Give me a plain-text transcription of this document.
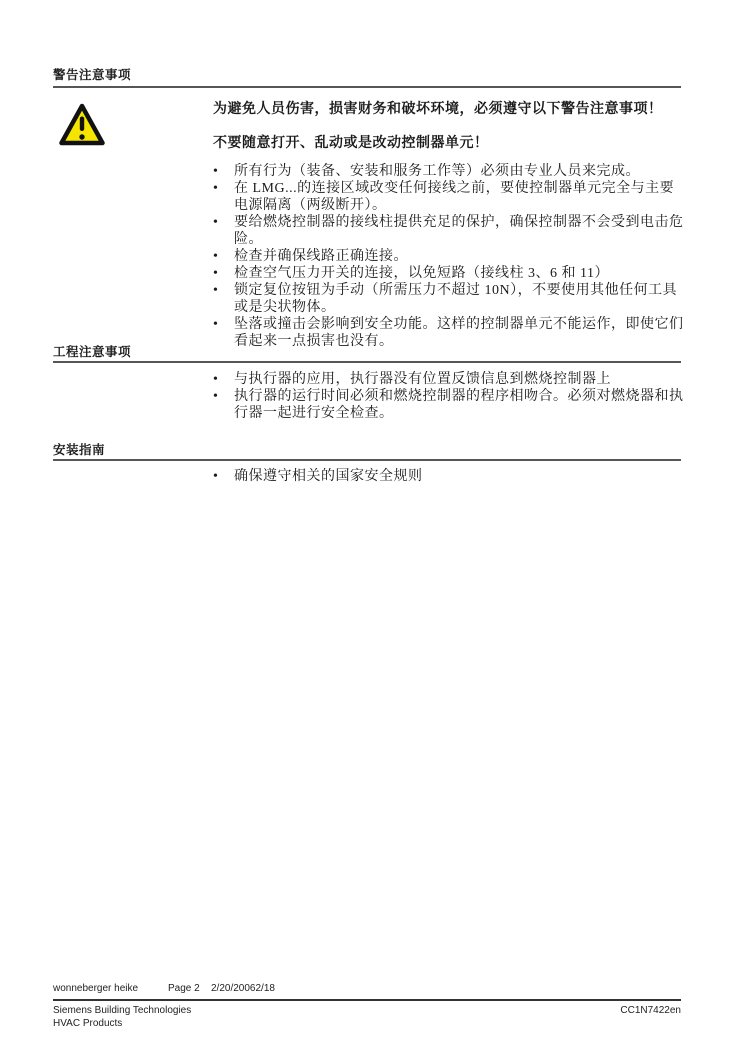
警告注意事项
为避免人员伤害，损害财务和破坏环境，必须遵守以下警告注意事项！
不要随意打开、乱动或是改动控制器单元！
• 所有行为（装备、安装和服务工作等）必须由专业人员来完成。
• 在 LMG...的连接区域改变任何接线之前，要使控制器单元完全与主要电源隔离（两级断开）。
• 要给燃烧控制器的接线柱提供充足的保护，确保控制器不会受到电击危险。
• 检查并确保线路正确连接。
• 检查空气压力开关的连接，以免短路（接线柱 3、6 和 11）
• 锁定复位按钮为手动（所需压力不超过 10N），不要使用其他任何工具或是尖状物体。
• 坠落或撞击会影响到安全功能。这样的控制器单元不能运作，即使它们看起来一点损害也没有。
工程注意事项
• 与执行器的应用，执行器没有位置反馈信息到燃烧控制器上
• 执行器的运行时间必须和燃烧控制器的程序相吻合。必须对燃烧器和执行器一起进行安全检查。
安装指南
• 确保遵守相关的国家安全规则
wonneberger heike	Page 2 2/20/20062/18
Siemens Building Technologies
HVAC Products
CC1N7422en
